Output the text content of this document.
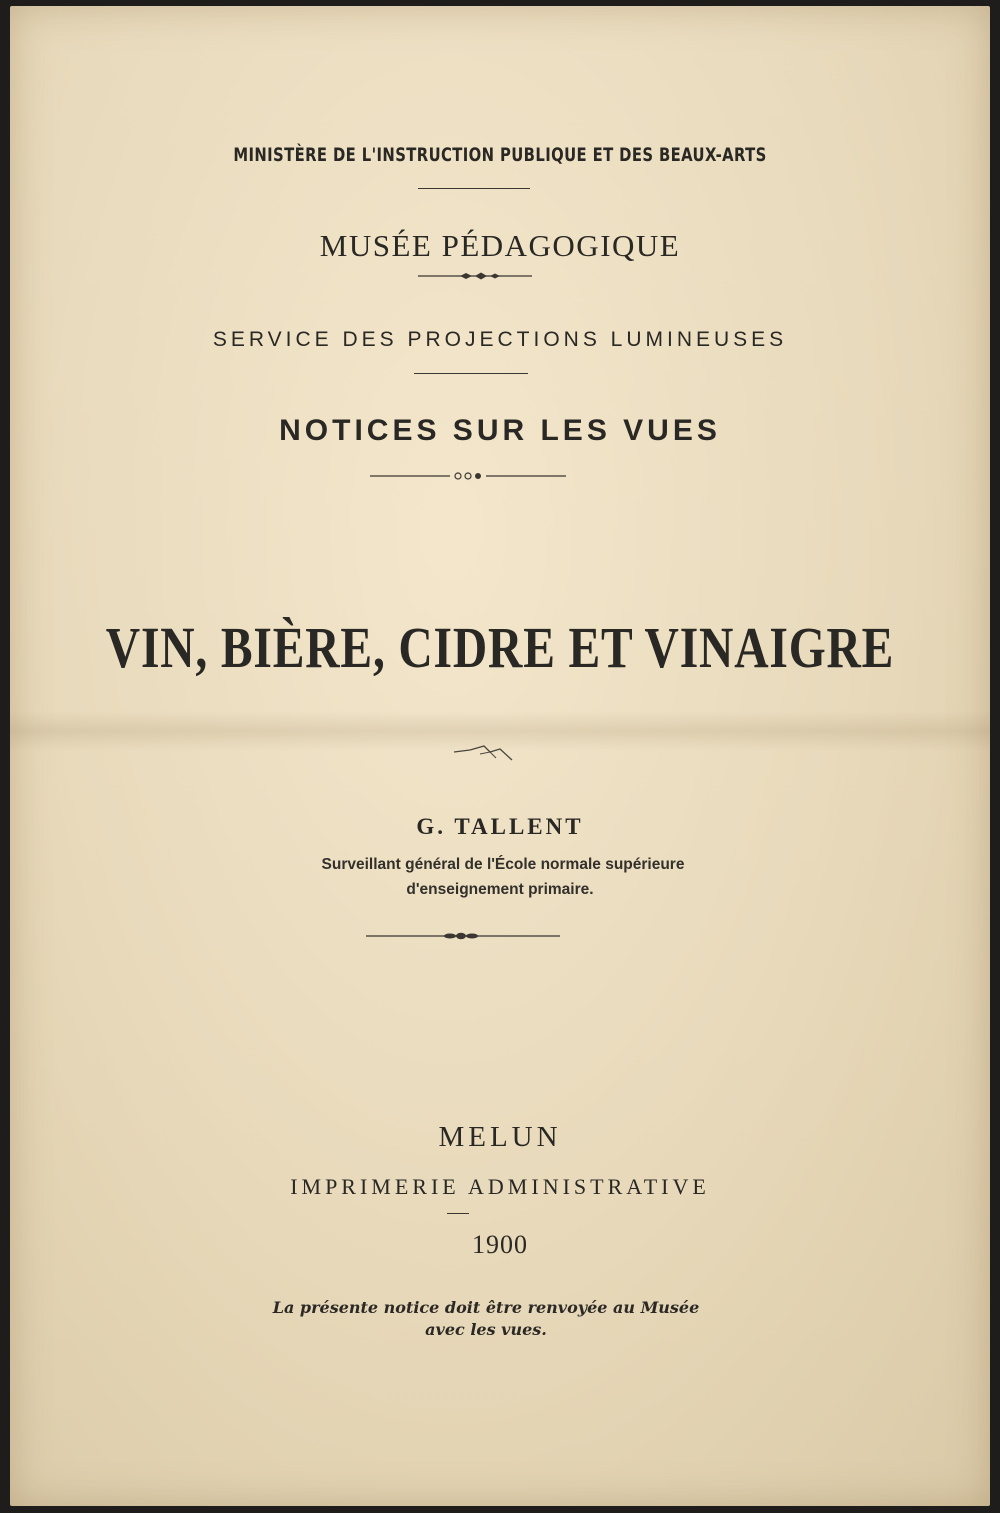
MINISTÈRE DE L'INSTRUCTION PUBLIQUE ET DES BEAUX-ARTS
MUSÉE PÉDAGOGIQUE
SERVICE DES PROJECTIONS LUMINEUSES
NOTICES SUR LES VUES
VIN, BIÈRE, CIDRE ET VINAIGRE
G. TALLENT
Surveillant général de l'École normale supérieure
d'enseignement primaire.
MELUN
IMPRIMERIE ADMINISTRATIVE
1900
La présente notice doit être renvoyée au Musée
avec les vues.
